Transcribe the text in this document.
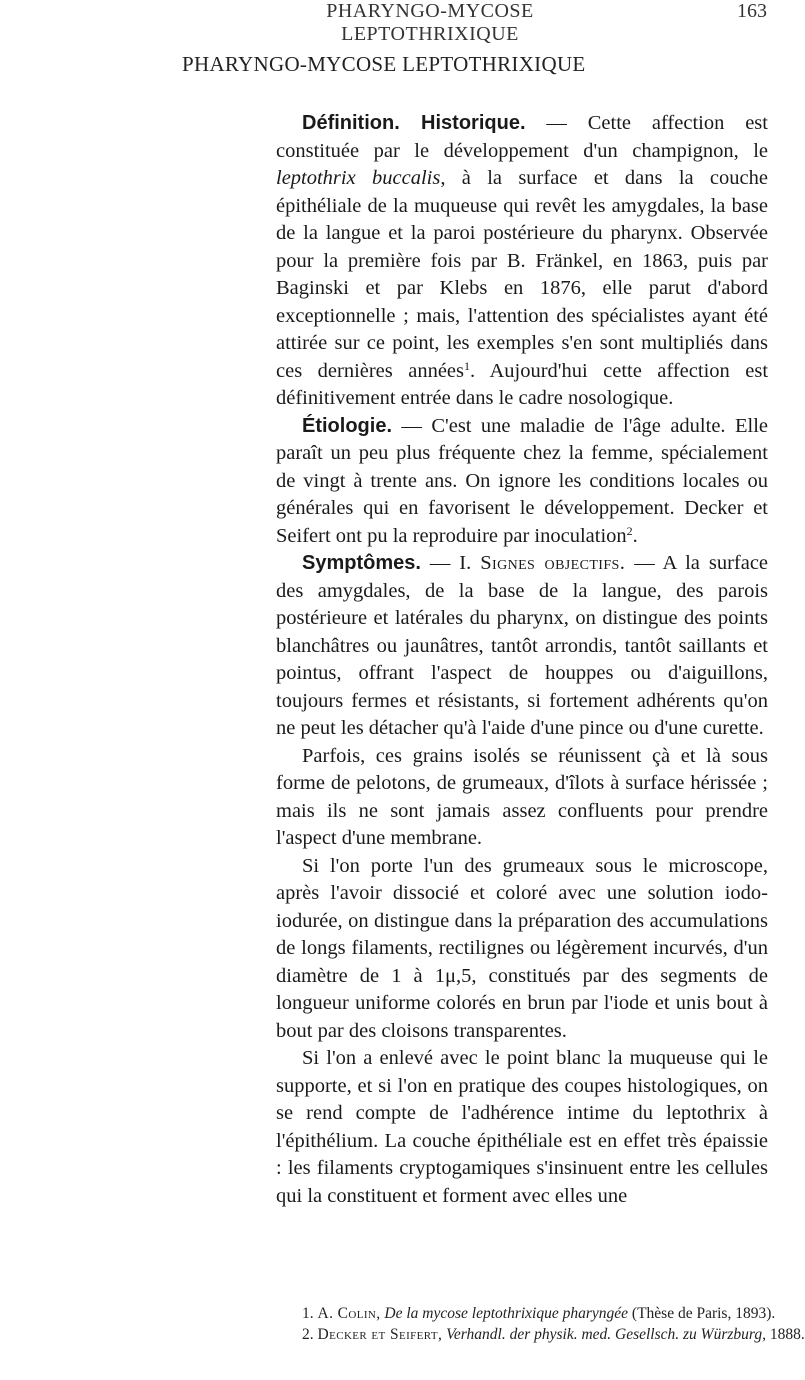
PHARYNGO-MYCOSE LEPTOTHRIXIQUE
163
PHARYNGO-MYCOSE LEPTOTHRIXIQUE

Définition. Historique. — Cette affection est constituée par le développement d'un champignon, le leptothrix buccalis, à la surface et dans la couche épithéliale de la muqueuse qui revêt les amygdales, la base de la langue et la paroi postérieure du pharynx. Observée pour la première fois par B. Fränkel, en 1863, puis par Baginski et par Klebs en 1876, elle parut d'abord exceptionnelle ; mais, l'attention des spécialistes ayant été attirée sur ce point, les exemples s'en sont multipliés dans ces dernières années$^1$. Aujourd'hui cette affection est définitivement entrée dans le cadre nosologique.

Étiologie. — C'est une maladie de l'âge adulte. Elle paraît un peu plus fréquente chez la femme, spécialement de vingt à trente ans. On ignore les conditions locales ou générales qui en favorisent le développement. Decker et Seifert ont pu la reproduire par inoculation$^2$.

Symptômes. — I. Signes objectifs. — A la surface des amygdales, de la base de la langue, des parois postérieure et latérales du pharynx, on distingue des points blanchâtres ou jaunâtres, tantôt arrondis, tantôt saillants et pointus, offrant l'aspect de houppes ou d'aiguillons, toujours fermes et résistants, si fortement adhérents qu'on ne peut les détacher qu'à l'aide d'une pince ou d'une curette.

Parfois, ces grains isolés se réunissent çà et là sous forme de pelotons, de grumeaux, d'îlots à surface hérissée ; mais ils ne sont jamais assez confluents pour prendre l'aspect d'une membrane.

Si l'on porte l'un des grumeaux sous le microscope, après l'avoir dissocié et coloré avec une solution iodo-iodurée, on distingue dans la préparation des accumulations de longs filaments, rectilignes ou légèrement incurvés, d'un diamètre de 1 à 1μ,5, constitués par des segments de longueur uniforme colorés en brun par l'iode et unis bout à bout par des cloisons transparentes.

Si l'on a enlevé avec le point blanc la muqueuse qui le supporte, et si l'on en pratique des coupes histologiques, on se rend compte de l'adhérence intime du leptothrix à l'épithélium. La couche épithéliale est en effet très épaissie : les filaments cryptogamiques s'insinuent entre les cellules qui la constituent et forment avec elles une

1. A. Colin, De la mycose leptothrixique pharyngée (Thèse de Paris, 1893).
2. Decker et Seifert, Verhandl. der physik. med. Gesellsch. zu Würzburg, 1888.
